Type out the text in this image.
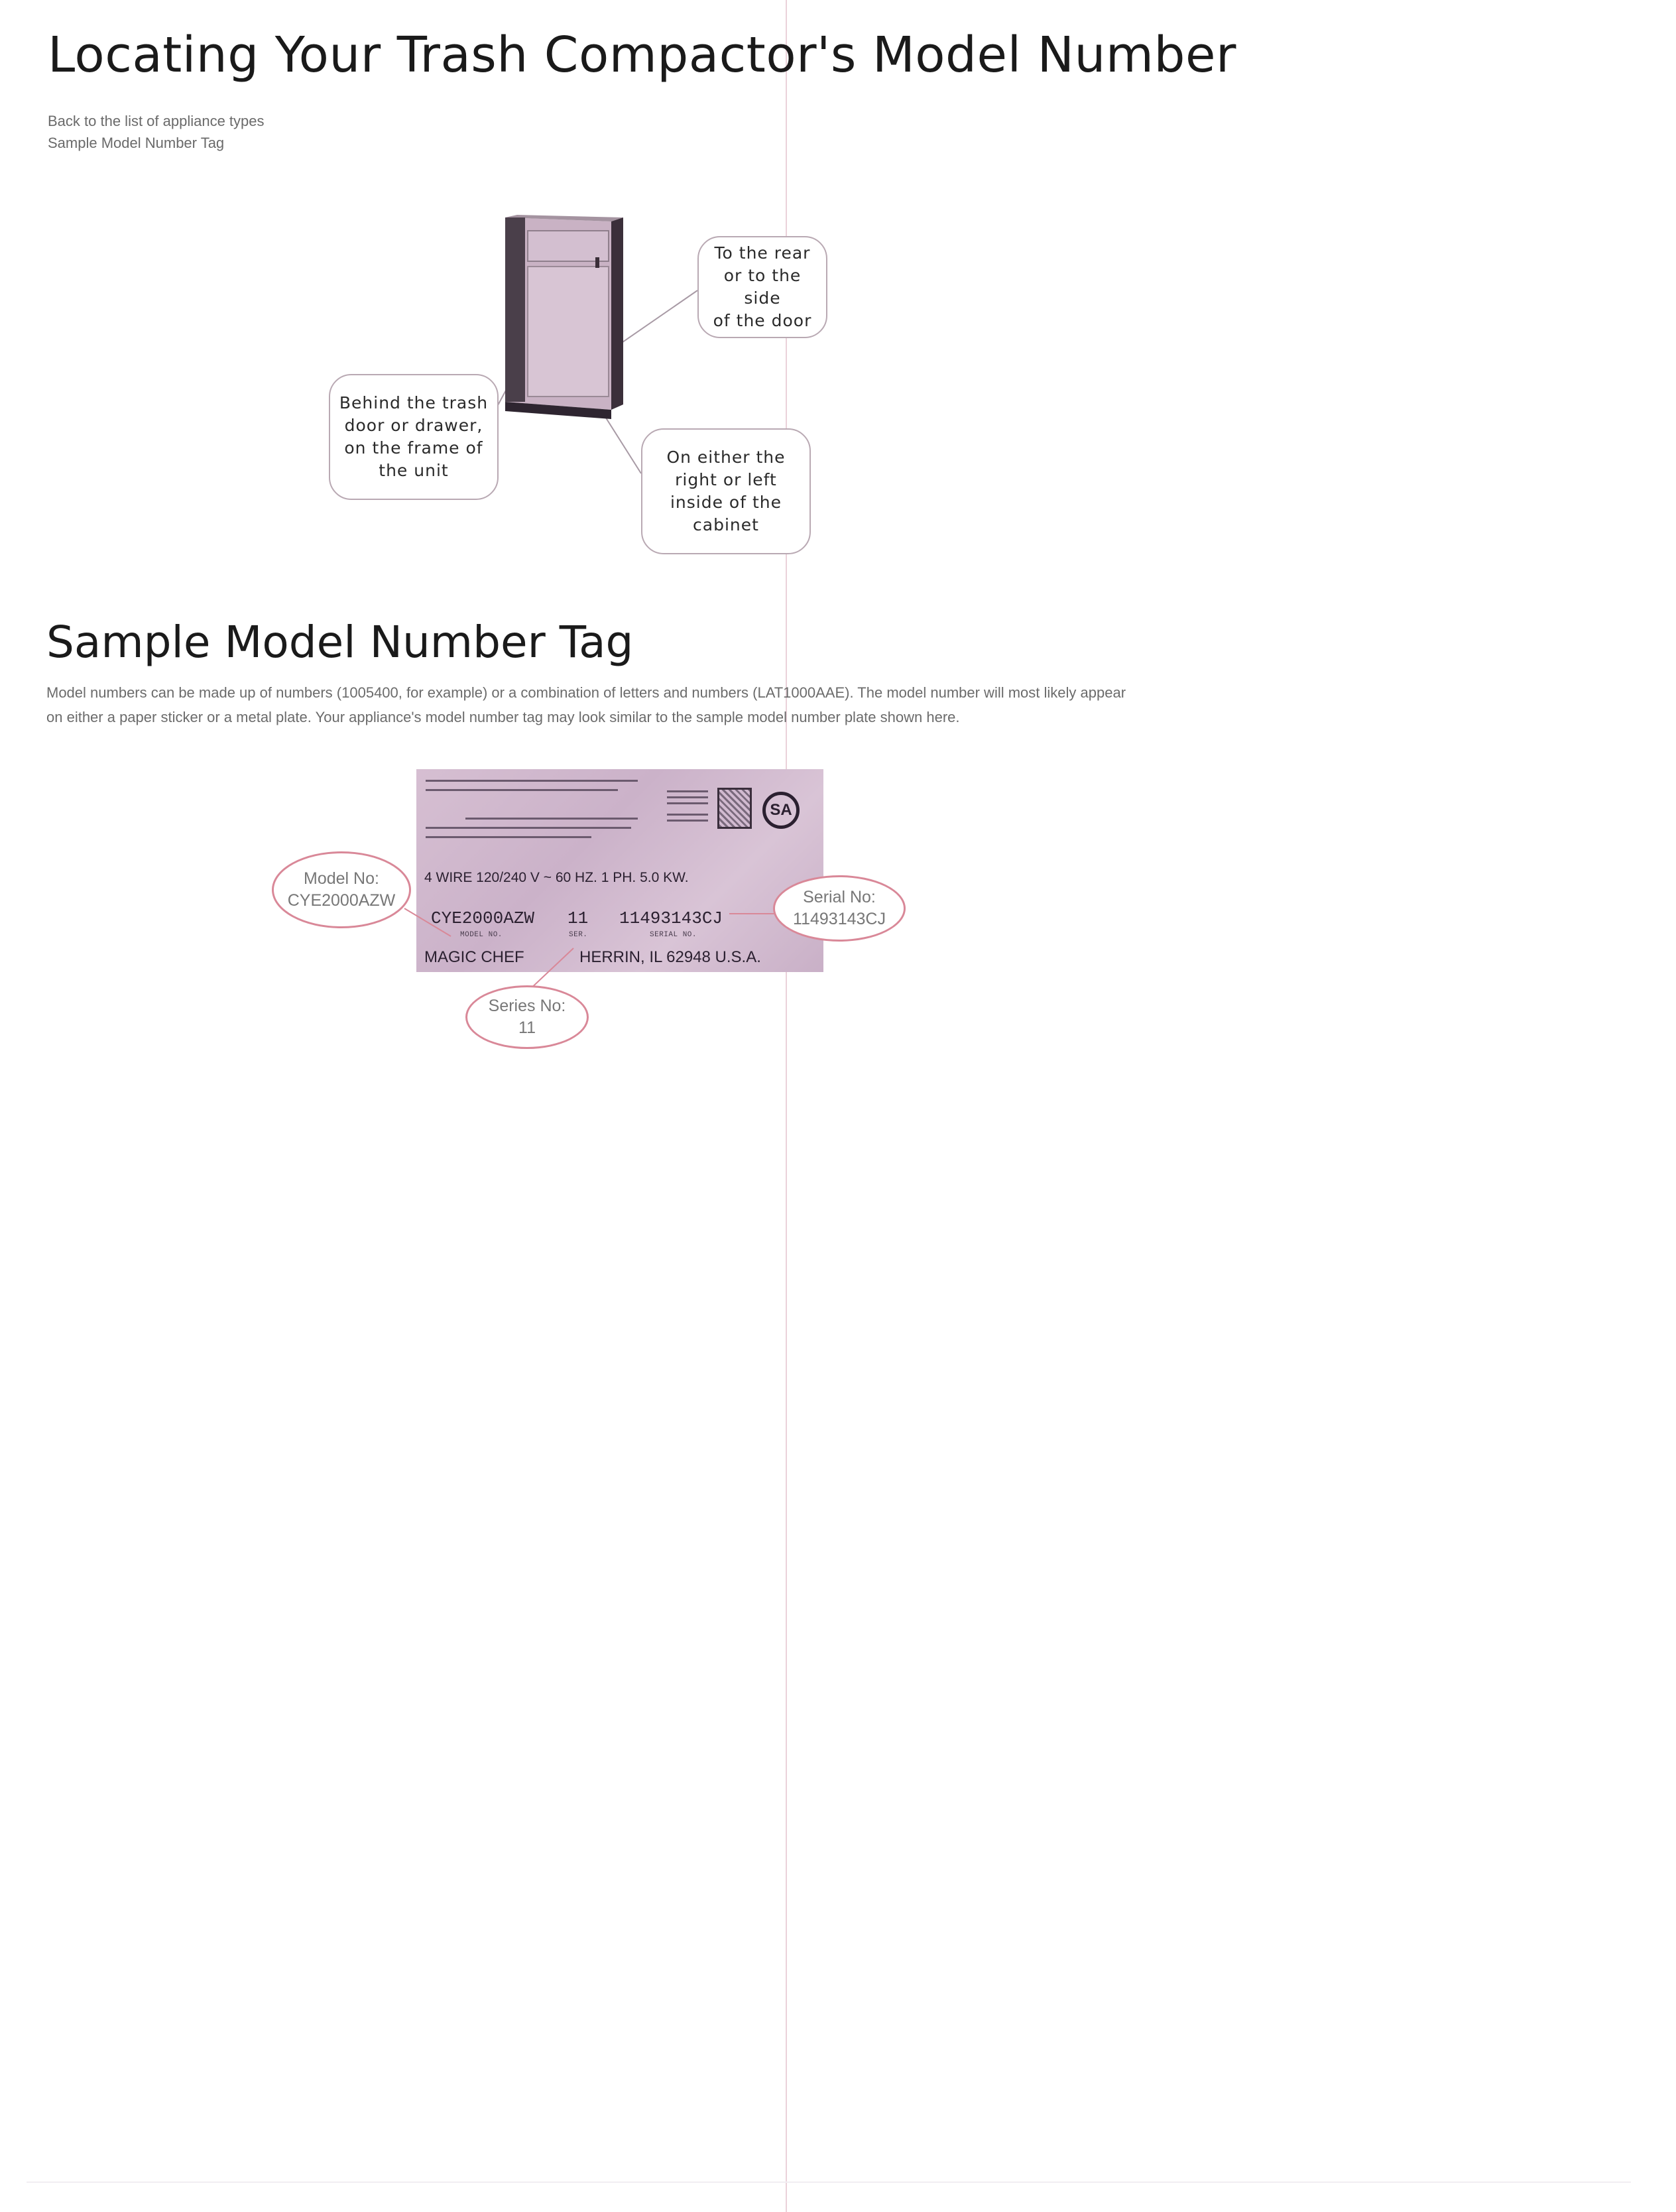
Locating Your Trash Compactor's Model Number
Back to the list of appliance types
Sample Model Number Tag
To the rear
or to the side
of the door
Behind the trash
door or drawer,
on the frame of
the unit
On either the
right or left
inside of the
cabinet
Sample Model Number Tag

Model numbers can be made up of numbers (1005400, for example) or a combination of letters and numbers (LAT1000AAE). The model number will most likely appear on either a paper sticker or a metal plate. Your appliance's model number tag may look similar to the sample model number plate shown here.

SA
4 WIRE 120/240 V ~ 60 HZ. 1 PH. 5.0 KW.
CYE2000AZW 11 11493143CJ
MODEL NO.	SER.	SERIAL NO.
MAGIC CHEF	HERRIN, IL 62948 U.S.A.
Model No:
CYE2000AZW	Serial No:
11493143CJ
Series No:
11
